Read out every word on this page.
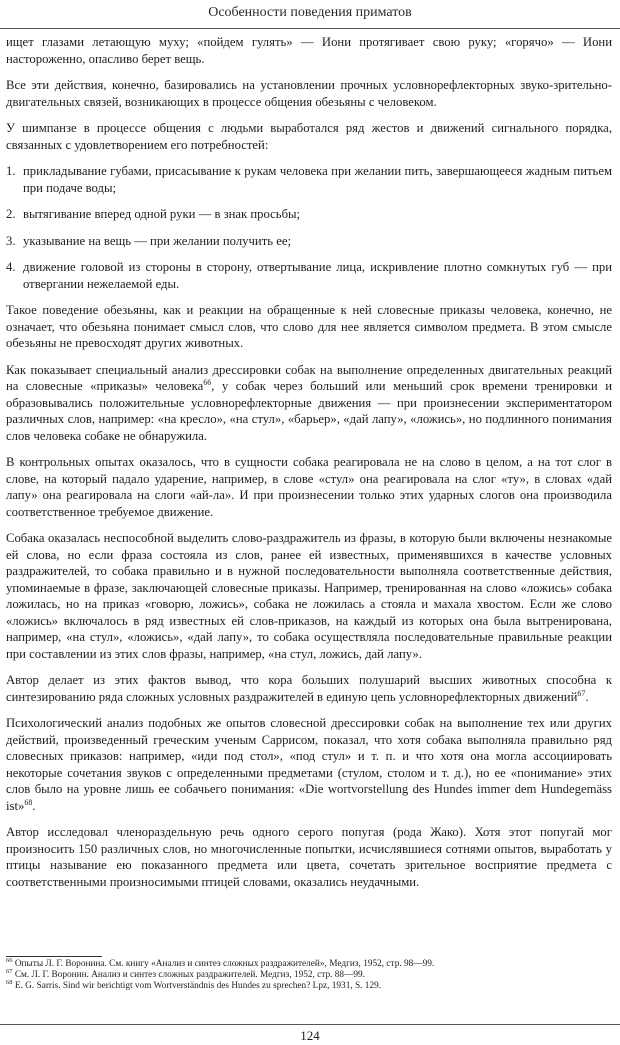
Особенности поведения приматов

ищет глазами летающую муху; «пойдем гулять» — Иони протягивает свою руку; «горячо» — Иони настороженно, опасливо берет вещь.

Все эти действия, конечно, базировались на установлении прочных условнорефлекторных звуко-зрительно-двигательных связей, возникающих в процессе общения обезьяны с человеком.

У шимпанзе в процессе общения с людьми выработался ряд жестов и движений сигнального порядка, связанных с удовлетворением его потребностей:

1. прикладывание губами, присасывание к рукам человека при желании пить, завершающееся жадным питьем при подаче воды;
2. вытягивание вперед одной руки — в знак просьбы;
3. указывание на вещь — при желании получить ее;
4. движение головой из стороны в сторону, отвертывание лица, искривление плотно сомкнутых губ — при отвергании нежелаемой еды.

Такое поведение обезьяны, как и реакции на обращенные к ней словесные приказы человека, конечно, не означает, что обезьяна понимает смысл слов, что слово для нее является символом предмета. В этом смысле обезьяны не превосходят других животных.

Как показывает специальный анализ дрессировки собак на выполнение определенных двигательных реакций на словесные «приказы» человека$^{66}$, у собак через больший или меньший срок времени тренировки и образовывались положительные условнорефлекторные движения — при произнесении экспериментатором различных слов, например: «на кресло», «на стул», «барьер», «дай лапу», «ложись», но подлинного понимания слов человека собаке не обнаружила.

В контрольных опытах оказалось, что в сущности собака реагировала не на слово в целом, а на тот слог в слове, на который падало ударение, например, в слове «стул» она реагировала на слог «ту», в словах «дай лапу» она реагировала на слоги «ай-ла». И при произнесении только этих ударных слогов она производила соответственное требуемое движение.

Собака оказалась неспособной выделить слово-раздражитель из фразы, в которую были включены незнакомые ей слова, но если фраза состояла из слов, ранее ей известных, применявшихся в качестве условных раздражителей, то собака правильно и в нужной последовательности выполняла соответственные действия, упоминаемые в фразе, заключающей словесные приказы. Например, тренированная на слово «ложись» собака ложилась, но на приказ «говорю, ложись», собака не ложилась а стояла и махала хвостом. Если же слово «ложись» включалось в ряд известных ей слов-приказов, на каждый из которых она была вытренирована, например, «на стул», «ложись», «дай лапу», то собака осуществляла последовательные правильные реакции при составлении из этих слов фразы, например, «на стул, ложись, дай лапу».

Автор делает из этих фактов вывод, что кора больших полушарий высших животных способна к синтезированию ряда сложных условных раздражителей в единую цепь условнорефлекторных движений$^{67}$.

Психологический анализ подобных же опытов словесной дрессировки собак на выполнение тех или других действий, произведенный греческим ученым Саррисом, показал, что хотя собака выполняла правильно ряд словесных приказов: например, «иди под стол», «под стул» и т. п. и что хотя она могла ассоциировать некоторые сочетания звуков с определенными предметами (стулом, столом и т. д.), но ее «понимание» этих слов было на уровне лишь ее собачьего понимания: «Die wortvorstellung des Hundes immer dem Hundegemäss ist»$^{68}$.

Автор исследовал членораздельную речь одного серого попугая (рода Жако). Хотя этот попугай мог произносить 150 различных слов, но многочисленные попытки, исчислявшиеся сотнями опытов, выработать у птицы называние ею показанного предмета или цвета, сочетать зрительное восприятие предмета с соответственными произносимыми птицей словами, оказались неудачными.

$^{66}$ Опыты Л. Г. Воронина. См. книгу «Анализ и синтез сложных раздражителей», Медгиз, 1952, стр. 98—99.
$^{67}$ См. Л. Г. Воронин. Анализ и синтез сложных раздражителей. Медгиз, 1952, стр. 88—99.
$^{68}$ E. G. Sarris. Sind wir berichtigt vom Wortverständnis des Hundes zu sprechen? Lpz, 1931, S. 129.
124
